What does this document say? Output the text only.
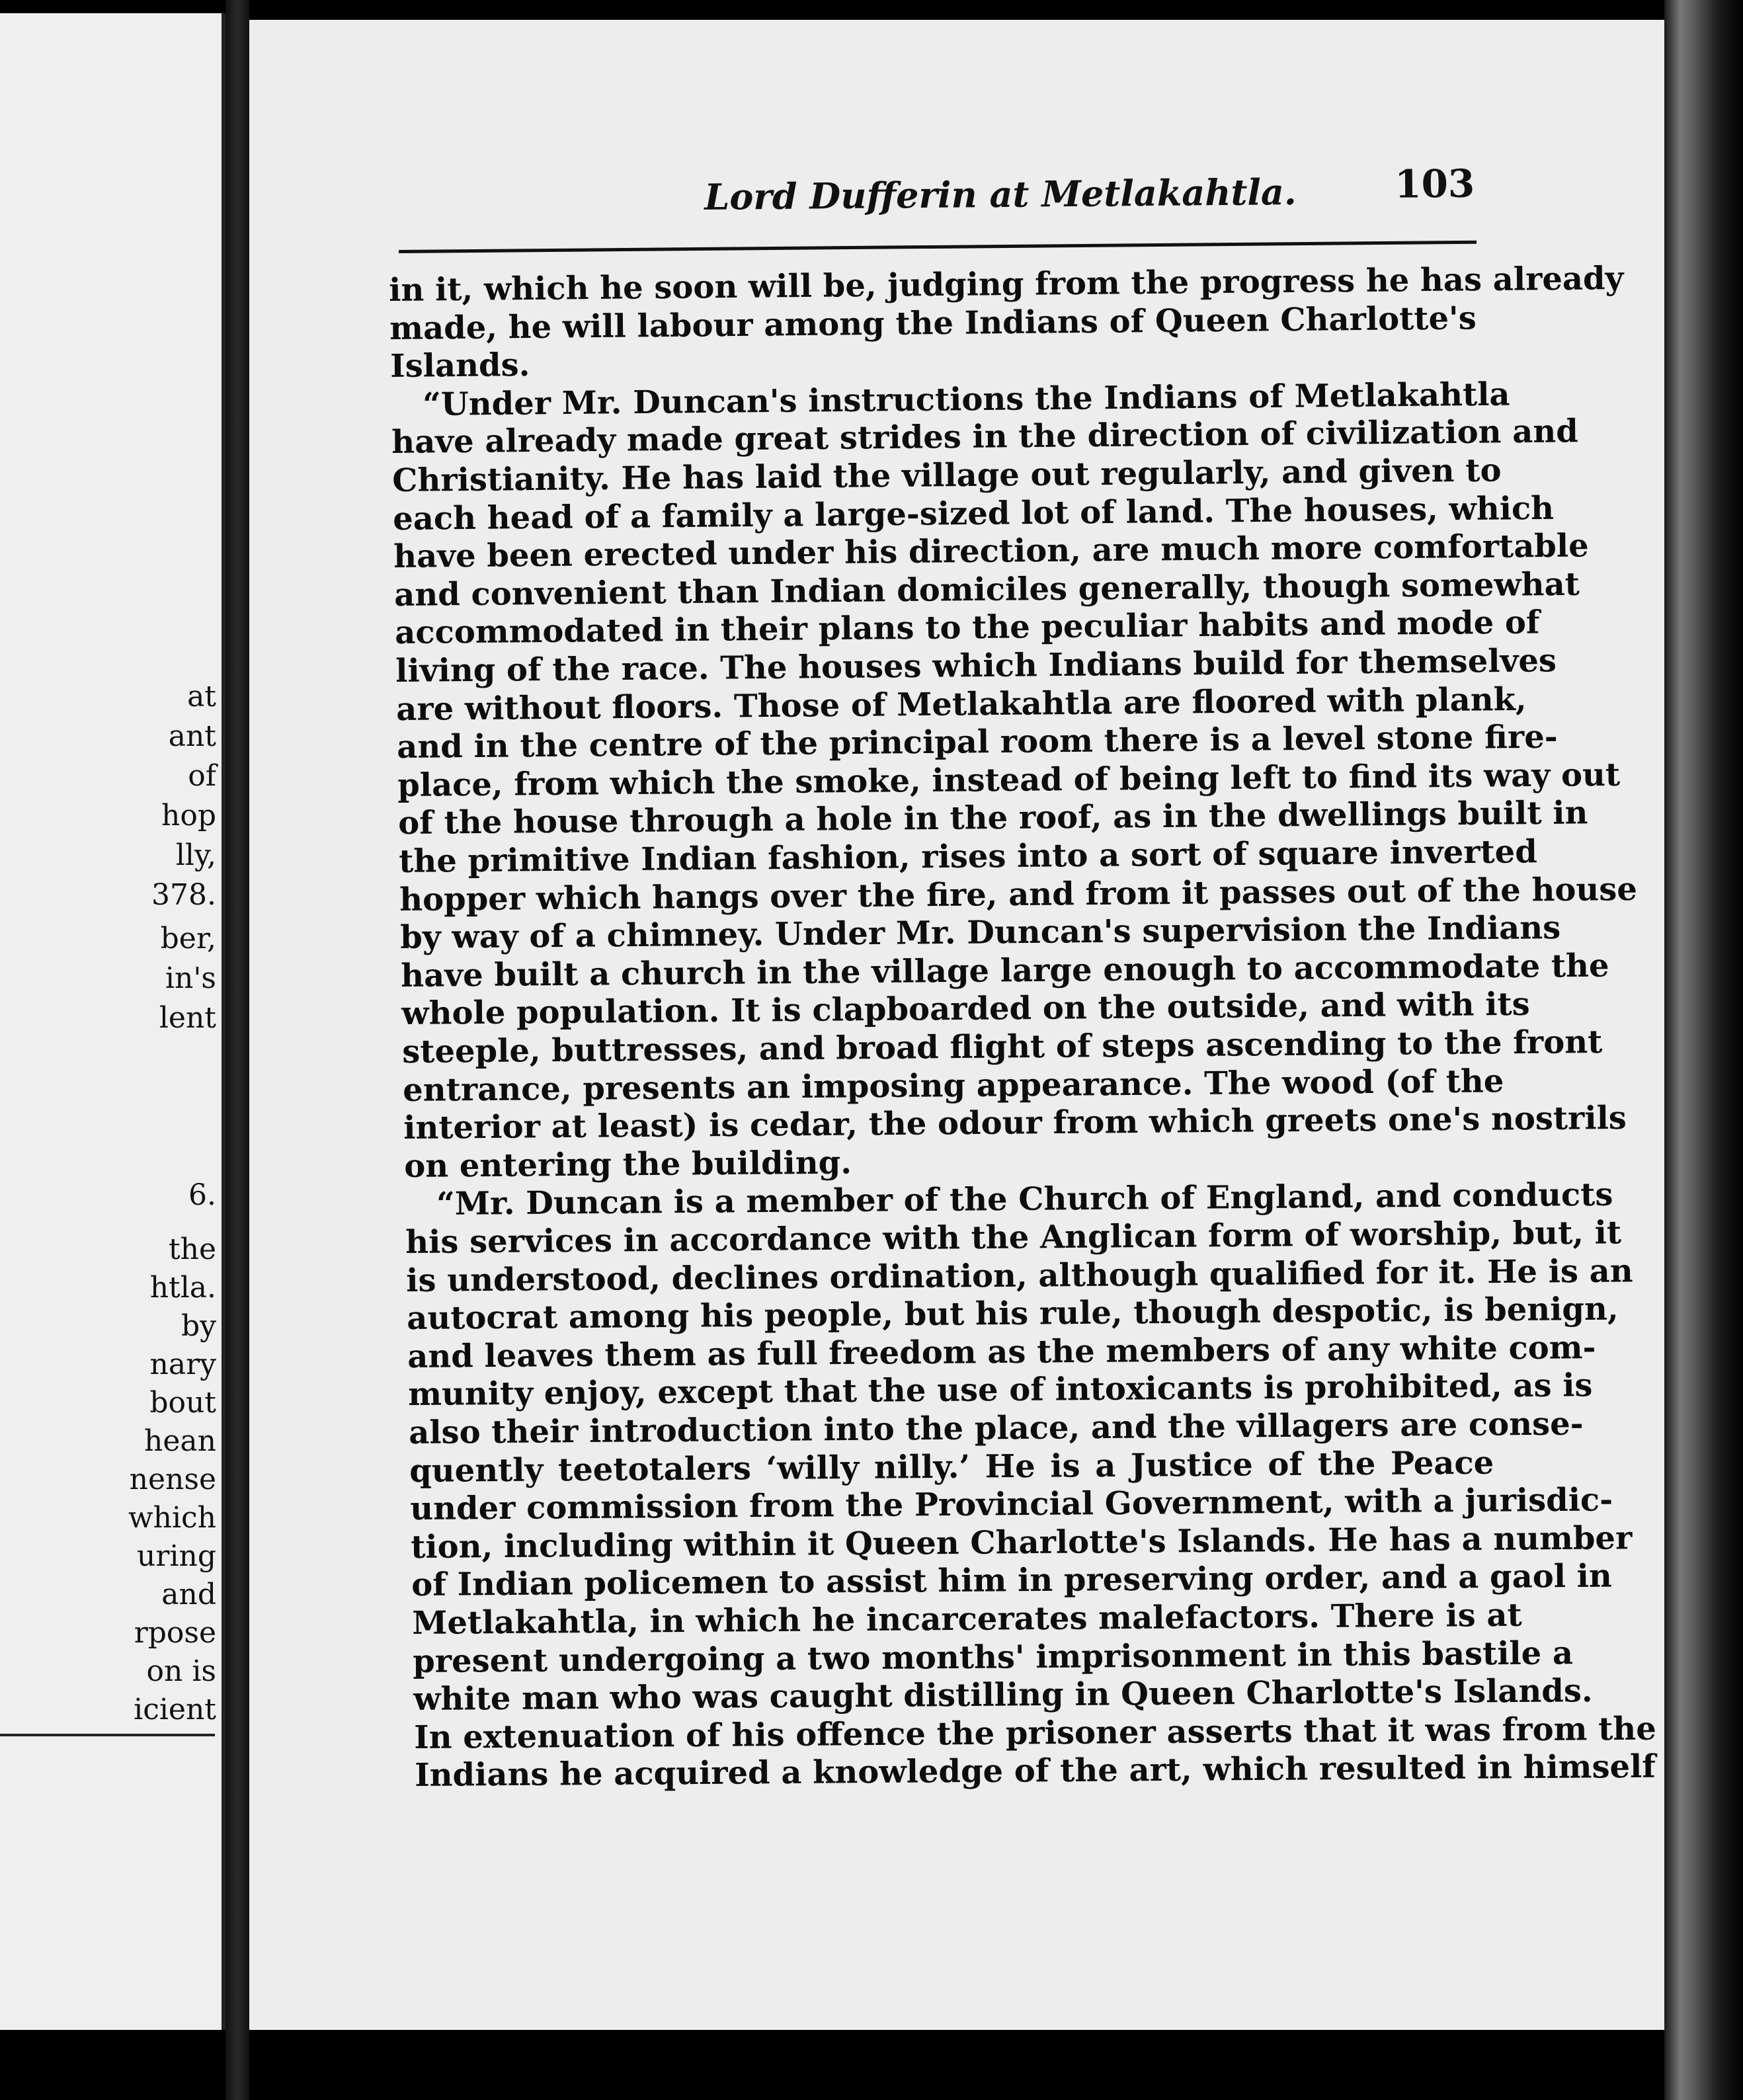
at
ant
of
hop
lly,
378.
ber,
in's
lent
6.
the
htla.
by
nary
bout
hean
nense
which
uring
and
rpose
on is
icient
Lord Dufferin at Metlakahtla.	103
in it, which he soon will be, judging from the progress he has already
made, he will labour among the Indians of Queen Charlotte's
Islands.
“Under Mr. Duncan's instructions the Indians of Metlakahtla
have already made great strides in the direction of civilization and
Christianity. He has laid the village out regularly, and given to
each head of a family a large-sized lot of land. The houses, which
have been erected under his direction, are much more comfortable
and convenient than Indian domiciles generally, though somewhat
accommodated in their plans to the peculiar habits and mode of
living of the race. The houses which Indians build for themselves
are without floors. Those of Metlakahtla are floored with plank,
and in the centre of the principal room there is a level stone fire-
place, from which the smoke, instead of being left to find its way out
of the house through a hole in the roof, as in the dwellings built in
the primitive Indian fashion, rises into a sort of square inverted
hopper which hangs over the fire, and from it passes out of the house
by way of a chimney. Under Mr. Duncan's supervision the Indians
have built a church in the village large enough to accommodate the
whole population. It is clapboarded on the outside, and with its
steeple, buttresses, and broad flight of steps ascending to the front
entrance, presents an imposing appearance. The wood (of the
interior at least) is cedar, the odour from which greets one's nostrils
on entering the building.
“Mr. Duncan is a member of the Church of England, and conducts
his services in accordance with the Anglican form of worship, but, it
is understood, declines ordination, although qualified for it. He is an
autocrat among his people, but his rule, though despotic, is benign,
and leaves them as full freedom as the members of any white com-
munity enjoy, except that the use of intoxicants is prohibited, as is
also their introduction into the place, and the villagers are conse-
quently teetotalers ‘willy nilly.’ He is a Justice of the Peace
under commission from the Provincial Government, with a jurisdic-
tion, including within it Queen Charlotte's Islands. He has a number
of Indian policemen to assist him in preserving order, and a gaol in
Metlakahtla, in which he incarcerates malefactors. There is at
present undergoing a two months' imprisonment in this bastile a
white man who was caught distilling in Queen Charlotte's Islands.
In extenuation of his offence the prisoner asserts that it was from the
Indians he acquired a knowledge of the art, which resulted in himself
